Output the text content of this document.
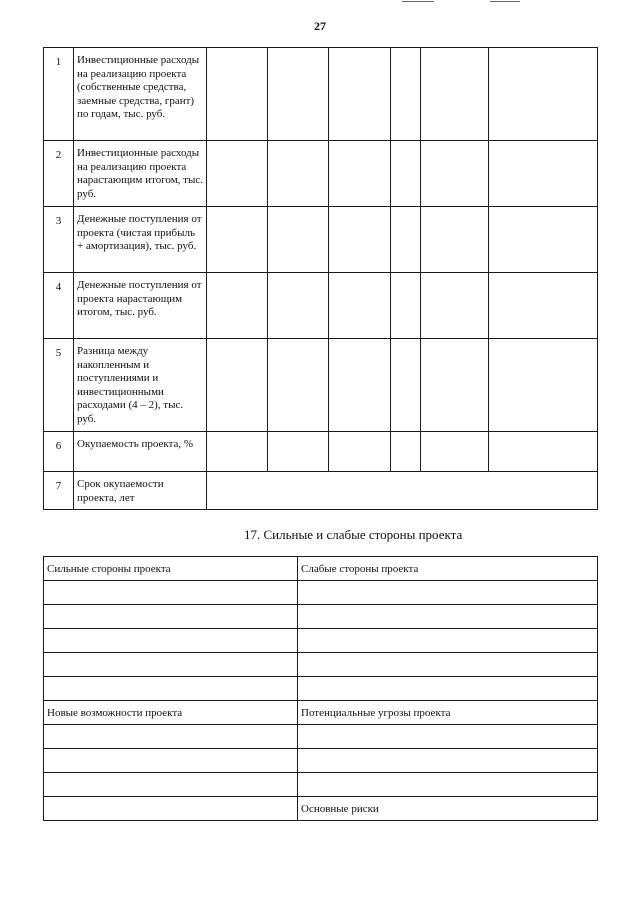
27
1	Инвестиционные расходы на реализацию проекта (собственные средства, заемные средства, грант) по годам, тыс. руб.						
2	Инвестиционные расходы на реализацию проекта нарастающим итогом, тыс. руб.						
3	Денежные поступления от проекта (чистая прибыль + амортизация), тыс. руб.						
4	Денежные поступления от проекта нарастающим итогом, тыс. руб.						
5	Разница между накопленным и поступлениями и инвестиционными расходами (4 – 2), тыс. руб.						
6	Окупаемость проекта, %						
7	Срок окупаемости проекта, лет						
17. Сильные и слабые стороны проекта
Сильные стороны проекта	Слабые стороны проекта

Новые возможности проекта	Потенциальные угрозы проекта

	Основные риски
